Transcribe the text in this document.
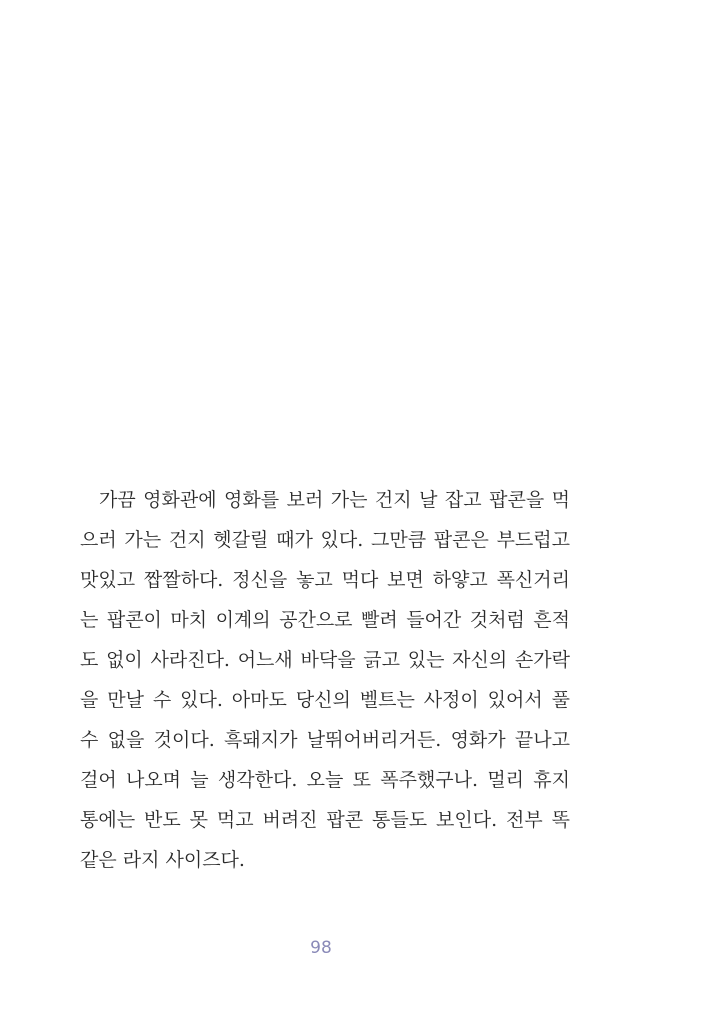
가끔 영화관에 영화를 보러 가는 건지 날 잡고 팝콘을 먹
으러 가는 건지 헷갈릴 때가 있다. 그만큼 팝콘은 부드럽고
맛있고 짭짤하다. 정신을 놓고 먹다 보면 하얗고 폭신거리
는 팝콘이 마치 이계의 공간으로 빨려 들어간 것처럼 흔적
도 없이 사라진다. 어느새 바닥을 긁고 있는 자신의 손가락
을 만날 수 있다. 아마도 당신의 벨트는 사정이 있어서 풀
수 없을 것이다. 흑돼지가 날뛰어버리거든. 영화가 끝나고
걸어 나오며 늘 생각한다. 오늘 또 폭주했구나. 멀리 휴지
통에는 반도 못 먹고 버려진 팝콘 통들도 보인다. 전부 똑
같은 라지 사이즈다.
98
